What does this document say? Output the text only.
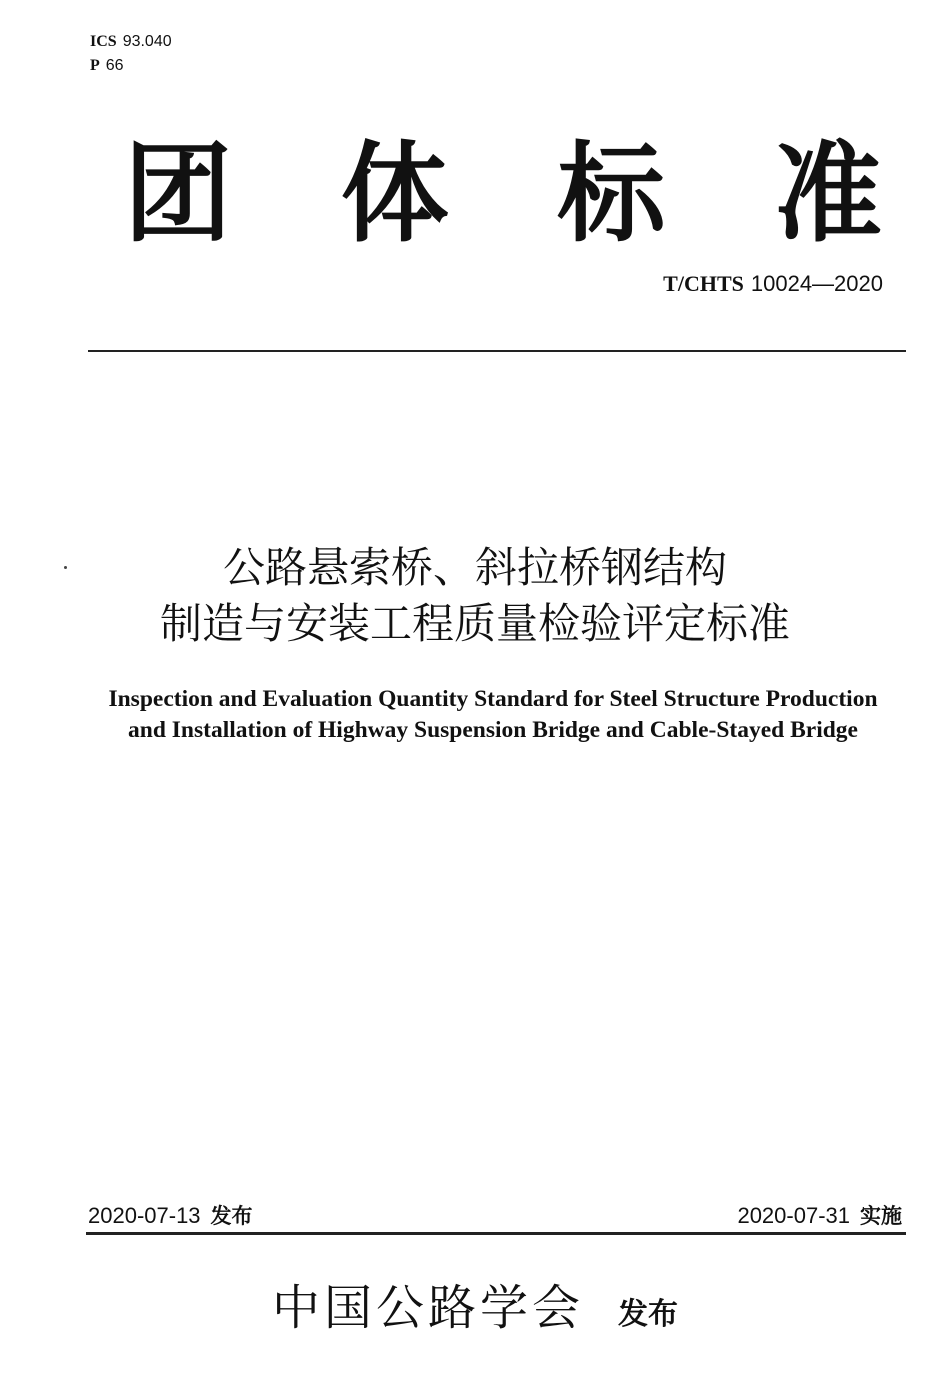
ICS 93.040
P 66
团 体 标 准
T/CHTS 10024—2020
公路悬索桥、斜拉桥钢结构
制造与安装工程质量检验评定标准
Inspection and Evaluation Quantity Standard for Steel Structure Production
and Installation of Highway Suspension Bridge and Cable-Stayed Bridge
2020-07-13 发布	2020-07-31 实施
中国公路学会 发布
